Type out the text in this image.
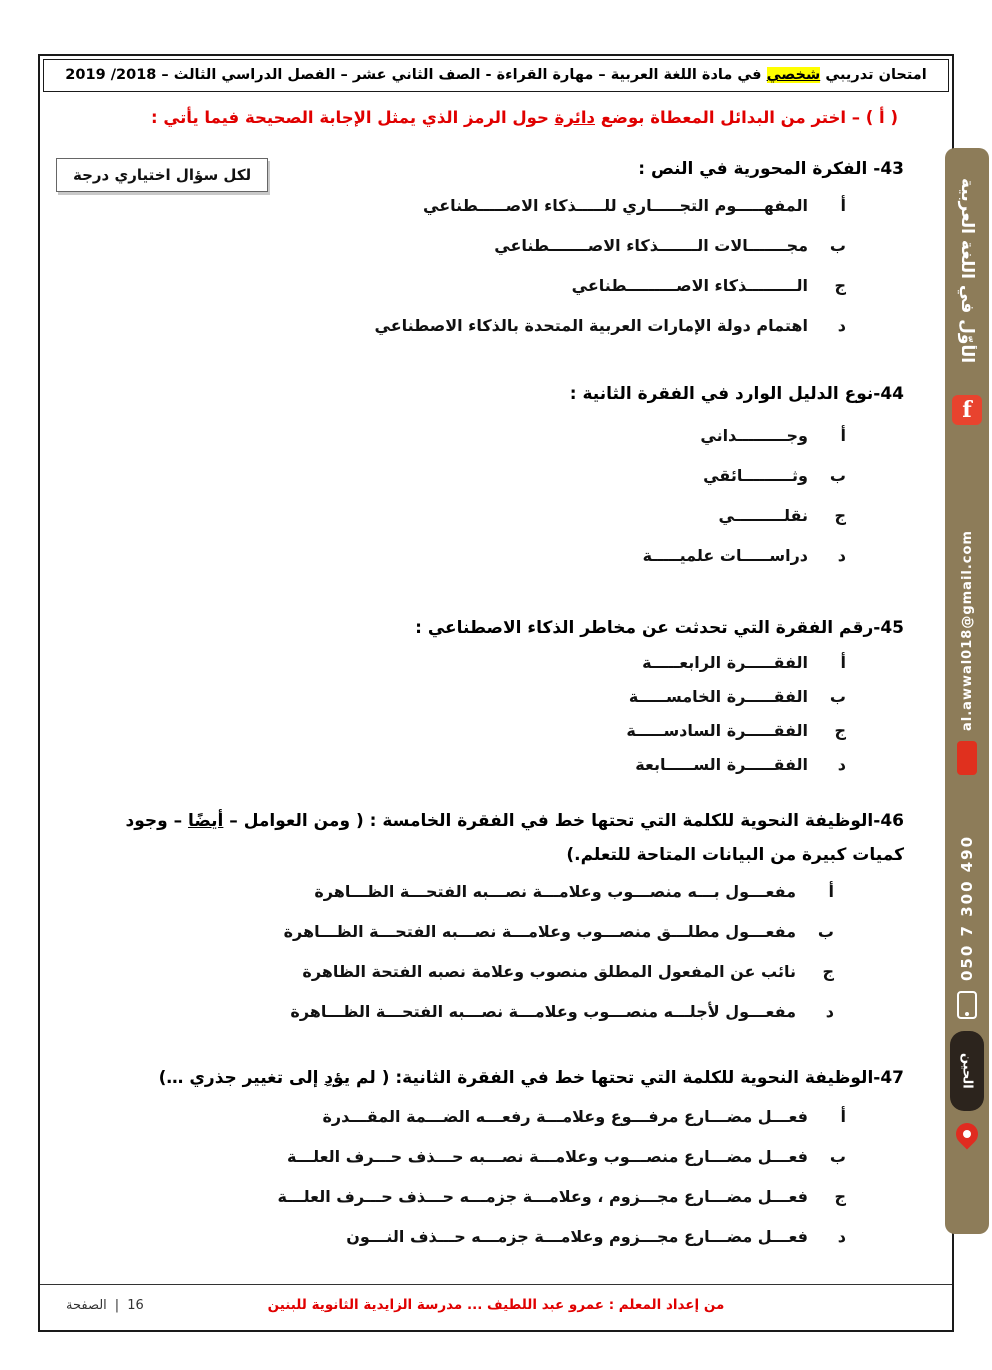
امتحان تدريبي شخصي في مادة اللغة العربية – مهارة القراءة - الصف الثاني عشر – الفصل الدراسي الثالث – 2018/ 2019

( أ ) – اختر من البدائل المعطاة بوضع دائرة حول الرمز الذي يمثل الإجابة الصحيحة فيما يأتي :

لكل سؤال اختياري درجة	43- الفكرة المحورية في النص :
أ
المفهـــــوم التجـــــاري للـــــذكاء الاصـــــطناعي
ب
مجـــــــالات الـــــــذكاء الاصـــــــطناعي
ج
الـــــــــذكاء الاصـــــــــطناعي
د
اهتمام دولة الإمارات العربية المتحدة بالذكاء الاصطناعي
44-نوع الدليل الوارد في الفقرة الثانية :
أ
وجـــــــــداني
ب
وثـــــــــائقي
ج
نقلـــــــــي
د
دراســـــات علميـــــة
45-رقم الفقرة التي تحدثت عن مخاطر الذكاء الاصطناعي :
أ
الفقـــــرة الرابعـــــة
ب
الفقـــــرة الخامســـــة
ج
الفقـــــرة السادســـــة
د
الفقـــــرة الســـــابعة
46-الوظيفة النحوية للكلمة التي تحتها خط في الفقرة الخامسة : ( ومن العوامل – أيضًا – وجود كميات كبيرة من البيانات المتاحة للتعلم.)
أ
مفعـــول بـــه منصـــوب وعلامـــة نصـــبه الفتحـــة الظـــاهرة
ب
مفعـــول مطلـــق منصـــوب وعلامـــة نصـــبه الفتحـــة الظـــاهرة
ج
نائب عن المفعول المطلق منصوب وعلامة نصبه الفتحة الظاهرة
د
مفعـــول لأجلـــه منصـــوب وعلامـــة نصـــبه الفتحـــة الظـــاهرة
47-الوظيفة النحوية للكلمة التي تحتها خط في الفقرة الثانية: ( لم يؤدِ إلى تغيير جذري …)
أ
فعـــل مضـــارع مرفـــوع وعلامـــة رفعـــه الضـــمة المقـــدرة
ب
فعـــل مضـــارع منصـــوب وعلامـــة نصـــبه حـــذف حـــرف العلـــة
ج
فعـــل مضـــارع مجـــزوم ، وعلامـــة جزمـــه حـــذف حـــرف العلـــة
د
فعـــل مضـــارع مجـــزوم وعلامـــة جزمـــه حـــذف النـــون
من إعداد المعلم : عمرو عبد اللطيف ... مدرسة الزايدية الثانوية للبنين
الصفحة | 16
الأوّل في اللغة العربية
f
al.awwal018@gmail.com
050 7 300 490
الحين
